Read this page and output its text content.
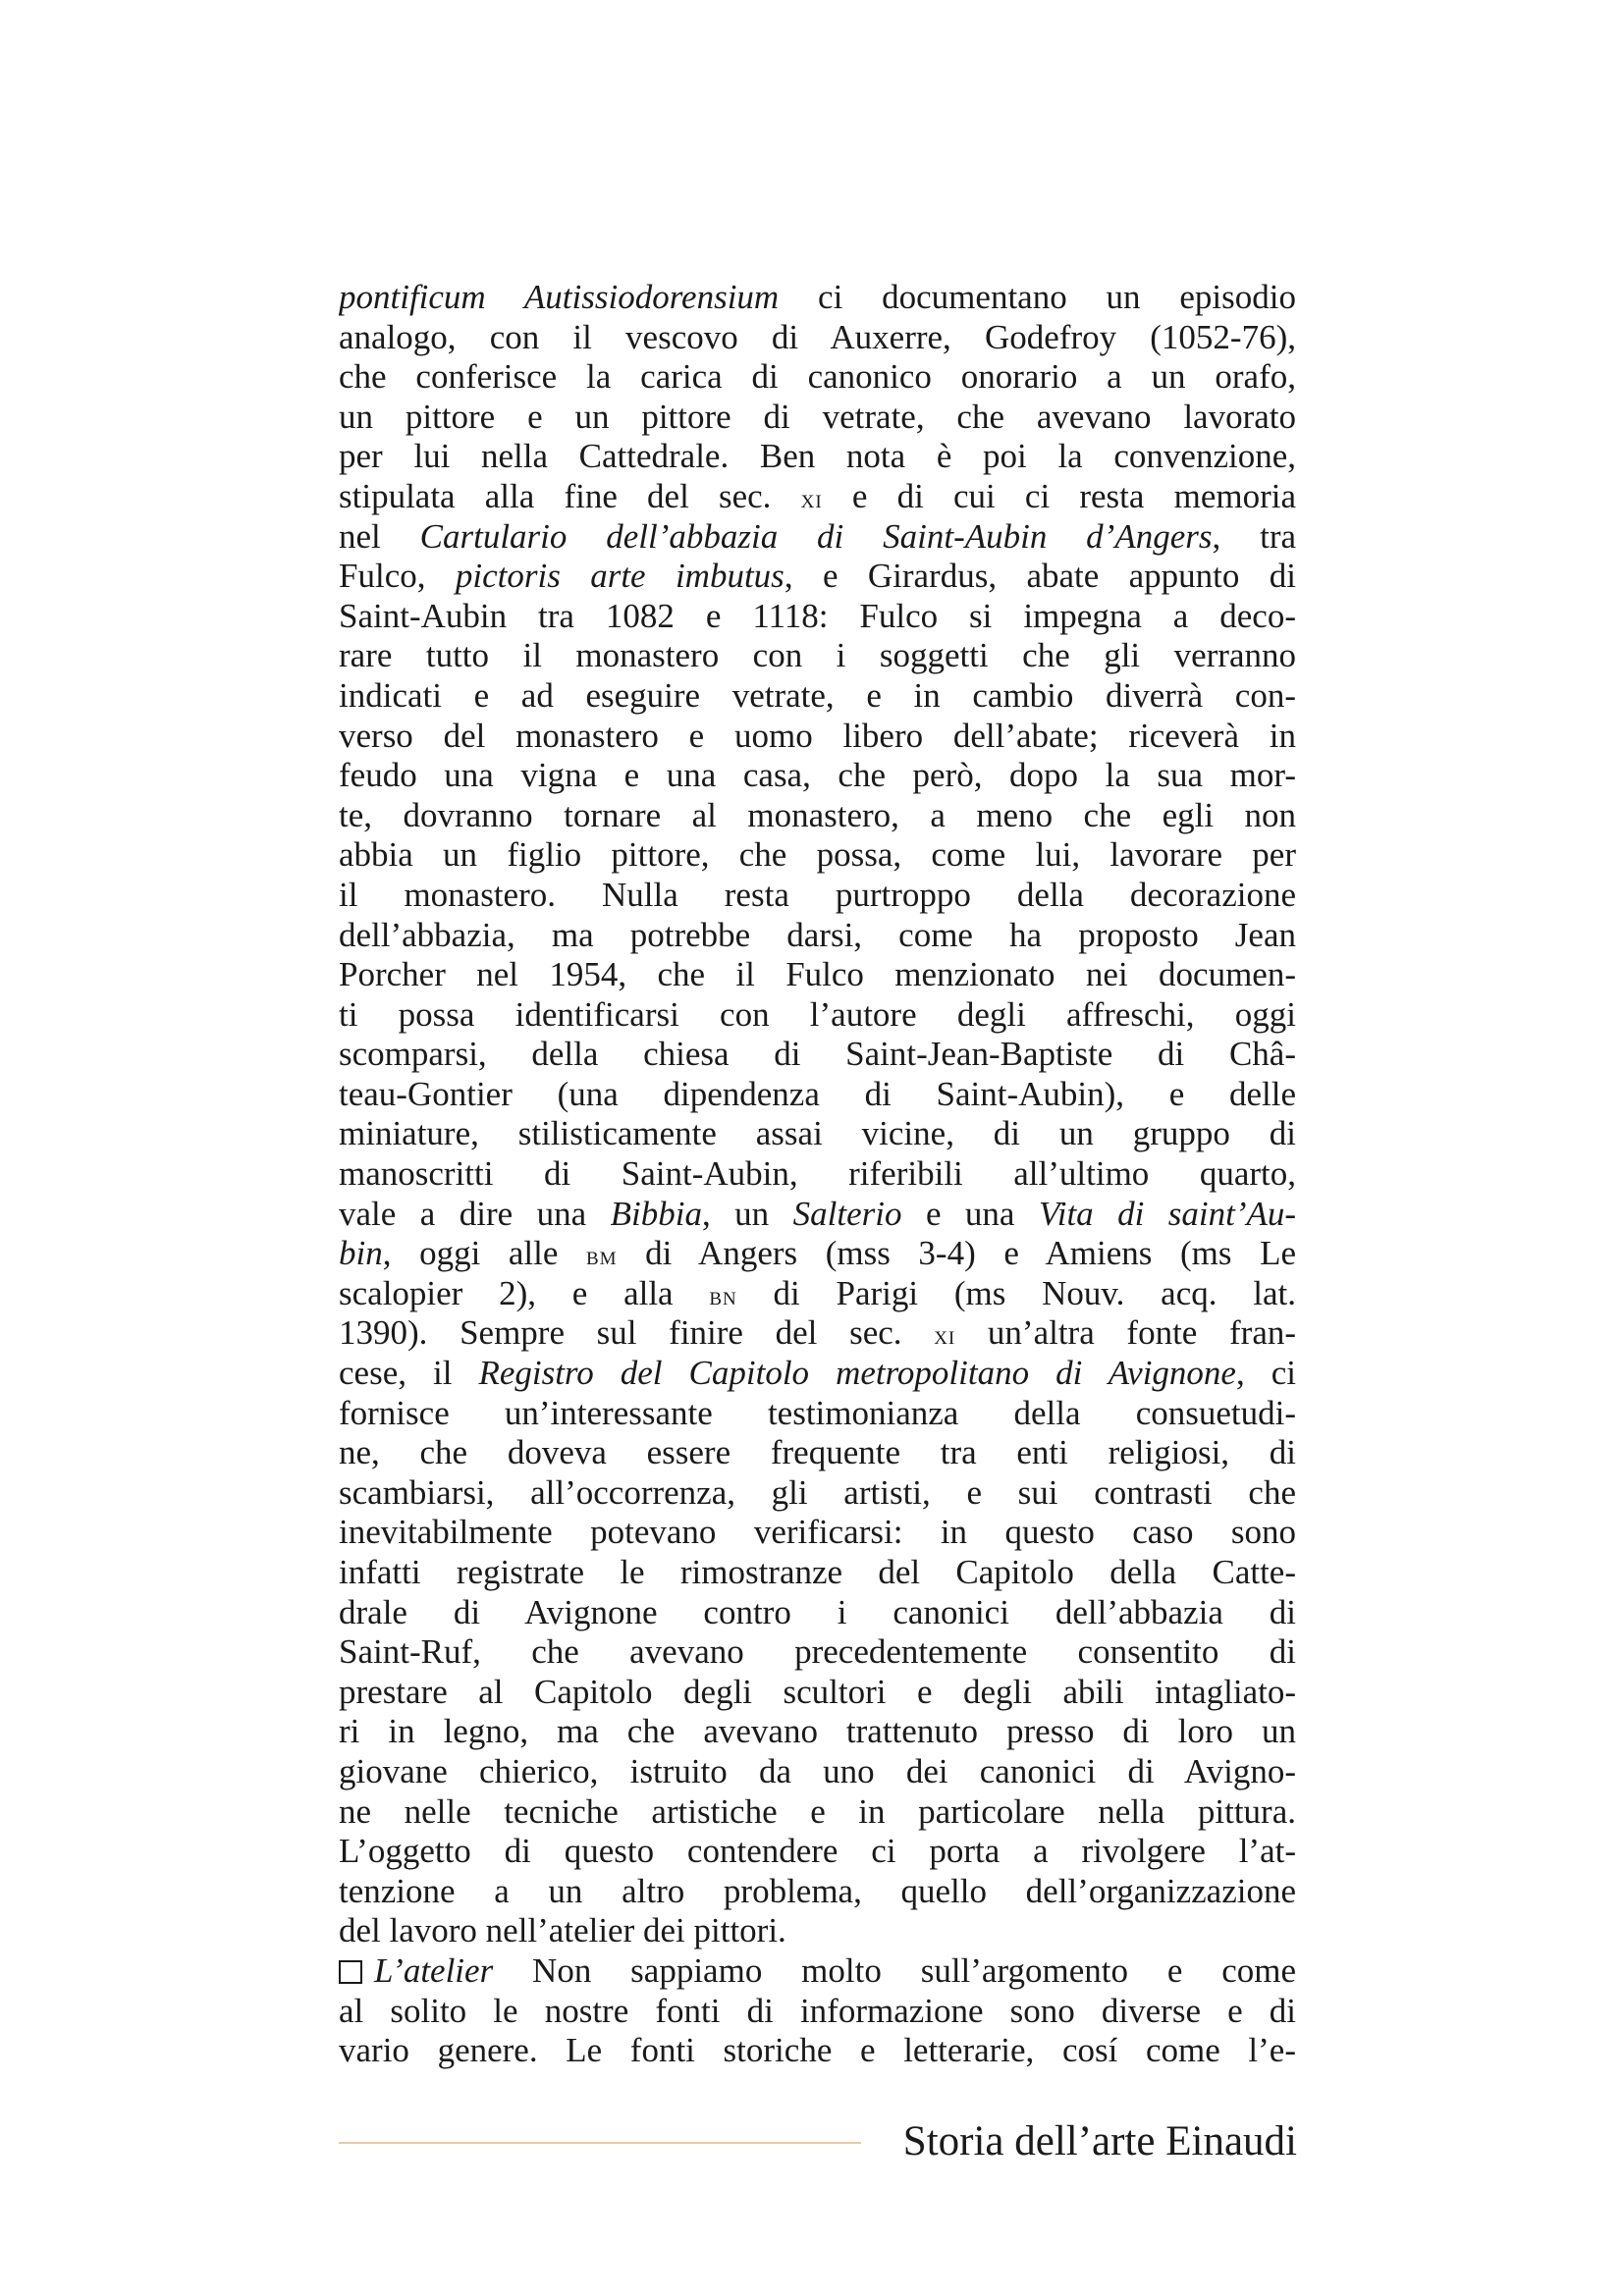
pontificum Autissiodorensium ci documentano un episodio
analogo, con il vescovo di Auxerre, Godefroy (1052-76),
che conferisce la carica di canonico onorario a un orafo,
un pittore e un pittore di vetrate, che avevano lavorato
per lui nella Cattedrale. Ben nota è poi la convenzione,
stipulata alla fine del sec. xi e di cui ci resta memoria
nel Cartulario dell’abbazia di Saint-Aubin d’Angers, tra
Fulco, pictoris arte imbutus, e Girardus, abate appunto di
Saint-Aubin tra 1082 e 1118: Fulco si impegna a deco-
rare tutto il monastero con i soggetti che gli verranno
indicati e ad eseguire vetrate, e in cambio diverrà con-
verso del monastero e uomo libero dell’abate; riceverà in
feudo una vigna e una casa, che però, dopo la sua mor-
te, dovranno tornare al monastero, a meno che egli non
abbia un figlio pittore, che possa, come lui, lavorare per
il monastero. Nulla resta purtroppo della decorazione
dell’abbazia, ma potrebbe darsi, come ha proposto Jean
Porcher nel 1954, che il Fulco menzionato nei documen-
ti possa identificarsi con l’autore degli affreschi, oggi
scomparsi, della chiesa di Saint-Jean-Baptiste di Châ-
teau-Gontier (una dipendenza di Saint-Aubin), e delle
miniature, stilisticamente assai vicine, di un gruppo di
manoscritti di Saint-Aubin, riferibili all’ultimo quarto,
vale a dire una Bibbia, un Salterio e una Vita di saint’Au-
bin, oggi alle bm di Angers (mss 3-4) e Amiens (ms Le
scalopier 2), e alla bn di Parigi (ms Nouv. acq. lat.
1390). Sempre sul finire del sec. xi un’altra fonte fran-
cese, il Registro del Capitolo metropolitano di Avignone, ci
fornisce un’interessante testimonianza della consuetudi-
ne, che doveva essere frequente tra enti religiosi, di
scambiarsi, all’occorrenza, gli artisti, e sui contrasti che
inevitabilmente potevano verificarsi: in questo caso sono
infatti registrate le rimostranze del Capitolo della Catte-
drale di Avignone contro i canonici dell’abbazia di
Saint-Ruf, che avevano precedentemente consentito di
prestare al Capitolo degli scultori e degli abili intagliato-
ri in legno, ma che avevano trattenuto presso di loro un
giovane chierico, istruito da uno dei canonici di Avigno-
ne nelle tecniche artistiche e in particolare nella pittura.
L’oggetto di questo contendere ci porta a rivolgere l’at-
tenzione a un altro problema, quello dell’organizzazione
del lavoro nell’atelier dei pittori.
L’atelier Non sappiamo molto sull’argomento e come
al solito le nostre fonti di informazione sono diverse e di
vario genere. Le fonti storiche e letterarie, cosí come l’e-
Storia dell’arte Einaudi
